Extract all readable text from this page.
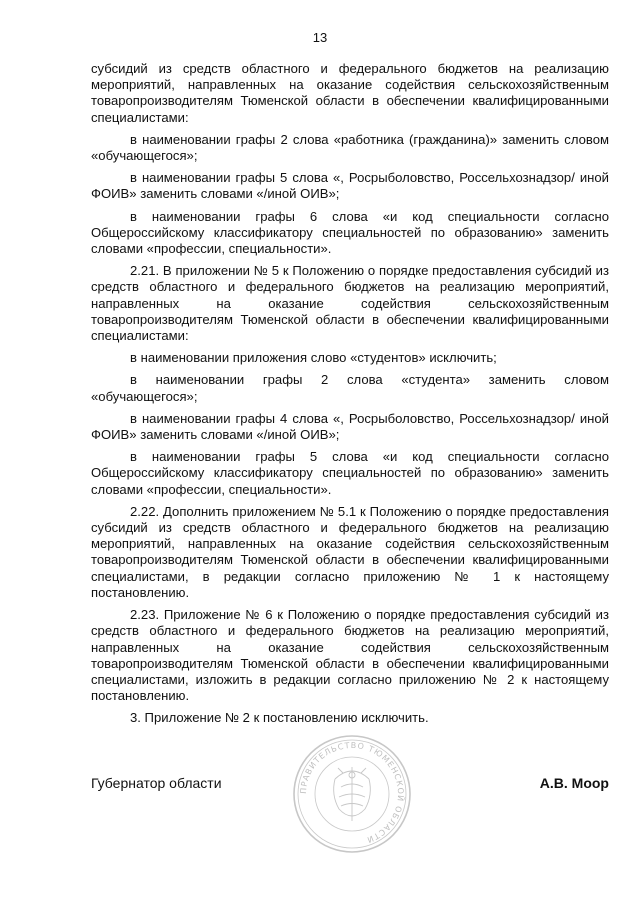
13

субсидий из средств областного и федерального бюджетов на реализацию мероприятий, направленных на оказание содействия сельскохозяйственным товаропроизводителям Тюменской области в обеспечении квалифицированными специалистами:

в наименовании графы 2 слова «работника (гражданина)» заменить словом «обучающегося»;

в наименовании графы 5 слова «, Росрыболовство, Россельхознадзор/ иной ФОИВ» заменить словами «/иной ОИВ»;

в наименовании графы 6 слова «и код специальности согласно Общероссийскому классификатору специальностей по образованию» заменить словами «профессии, специальности».

2.21. В приложении № 5 к Положению о порядке предоставления субсидий из средств областного и федерального бюджетов на реализацию мероприятий, направленных на оказание содействия сельскохозяйственным товаропроизводителям Тюменской области в обеспечении квалифицированными специалистами:

в наименовании приложения слово «студентов» исключить;

в наименовании графы 2 слова «студента» заменить словом «обучающегося»;

в наименовании графы 4 слова «, Росрыболовство, Россельхознадзор/ иной ФОИВ» заменить словами «/иной ОИВ»;

в наименовании графы 5 слова «и код специальности согласно Общероссийскому классификатору специальностей по образованию» заменить словами «профессии, специальности».

2.22. Дополнить приложением № 5.1 к Положению о порядке предоставления субсидий из средств областного и федерального бюджетов на реализацию мероприятий, направленных на оказание содействия сельскохозяйственным товаропроизводителям Тюменской области в обеспечении квалифицированными специалистами, в редакции согласно приложению № 1 к настоящему постановлению.

2.23. Приложение № 6 к Положению о порядке предоставления субсидий из средств областного и федерального бюджетов на реализацию мероприятий, направленных на оказание содействия сельскохозяйственным товаропроизводителям Тюменской области в обеспечении квалифицированными специалистами, изложить в редакции согласно приложению № 2 к настоящему постановлению.

3. Приложение № 2 к постановлению исключить.

ПРАВИТЕЛЬСТВО ТЮМЕНСКОЙ ОБЛАСТИ
Губернатор области	А.В. Моор
